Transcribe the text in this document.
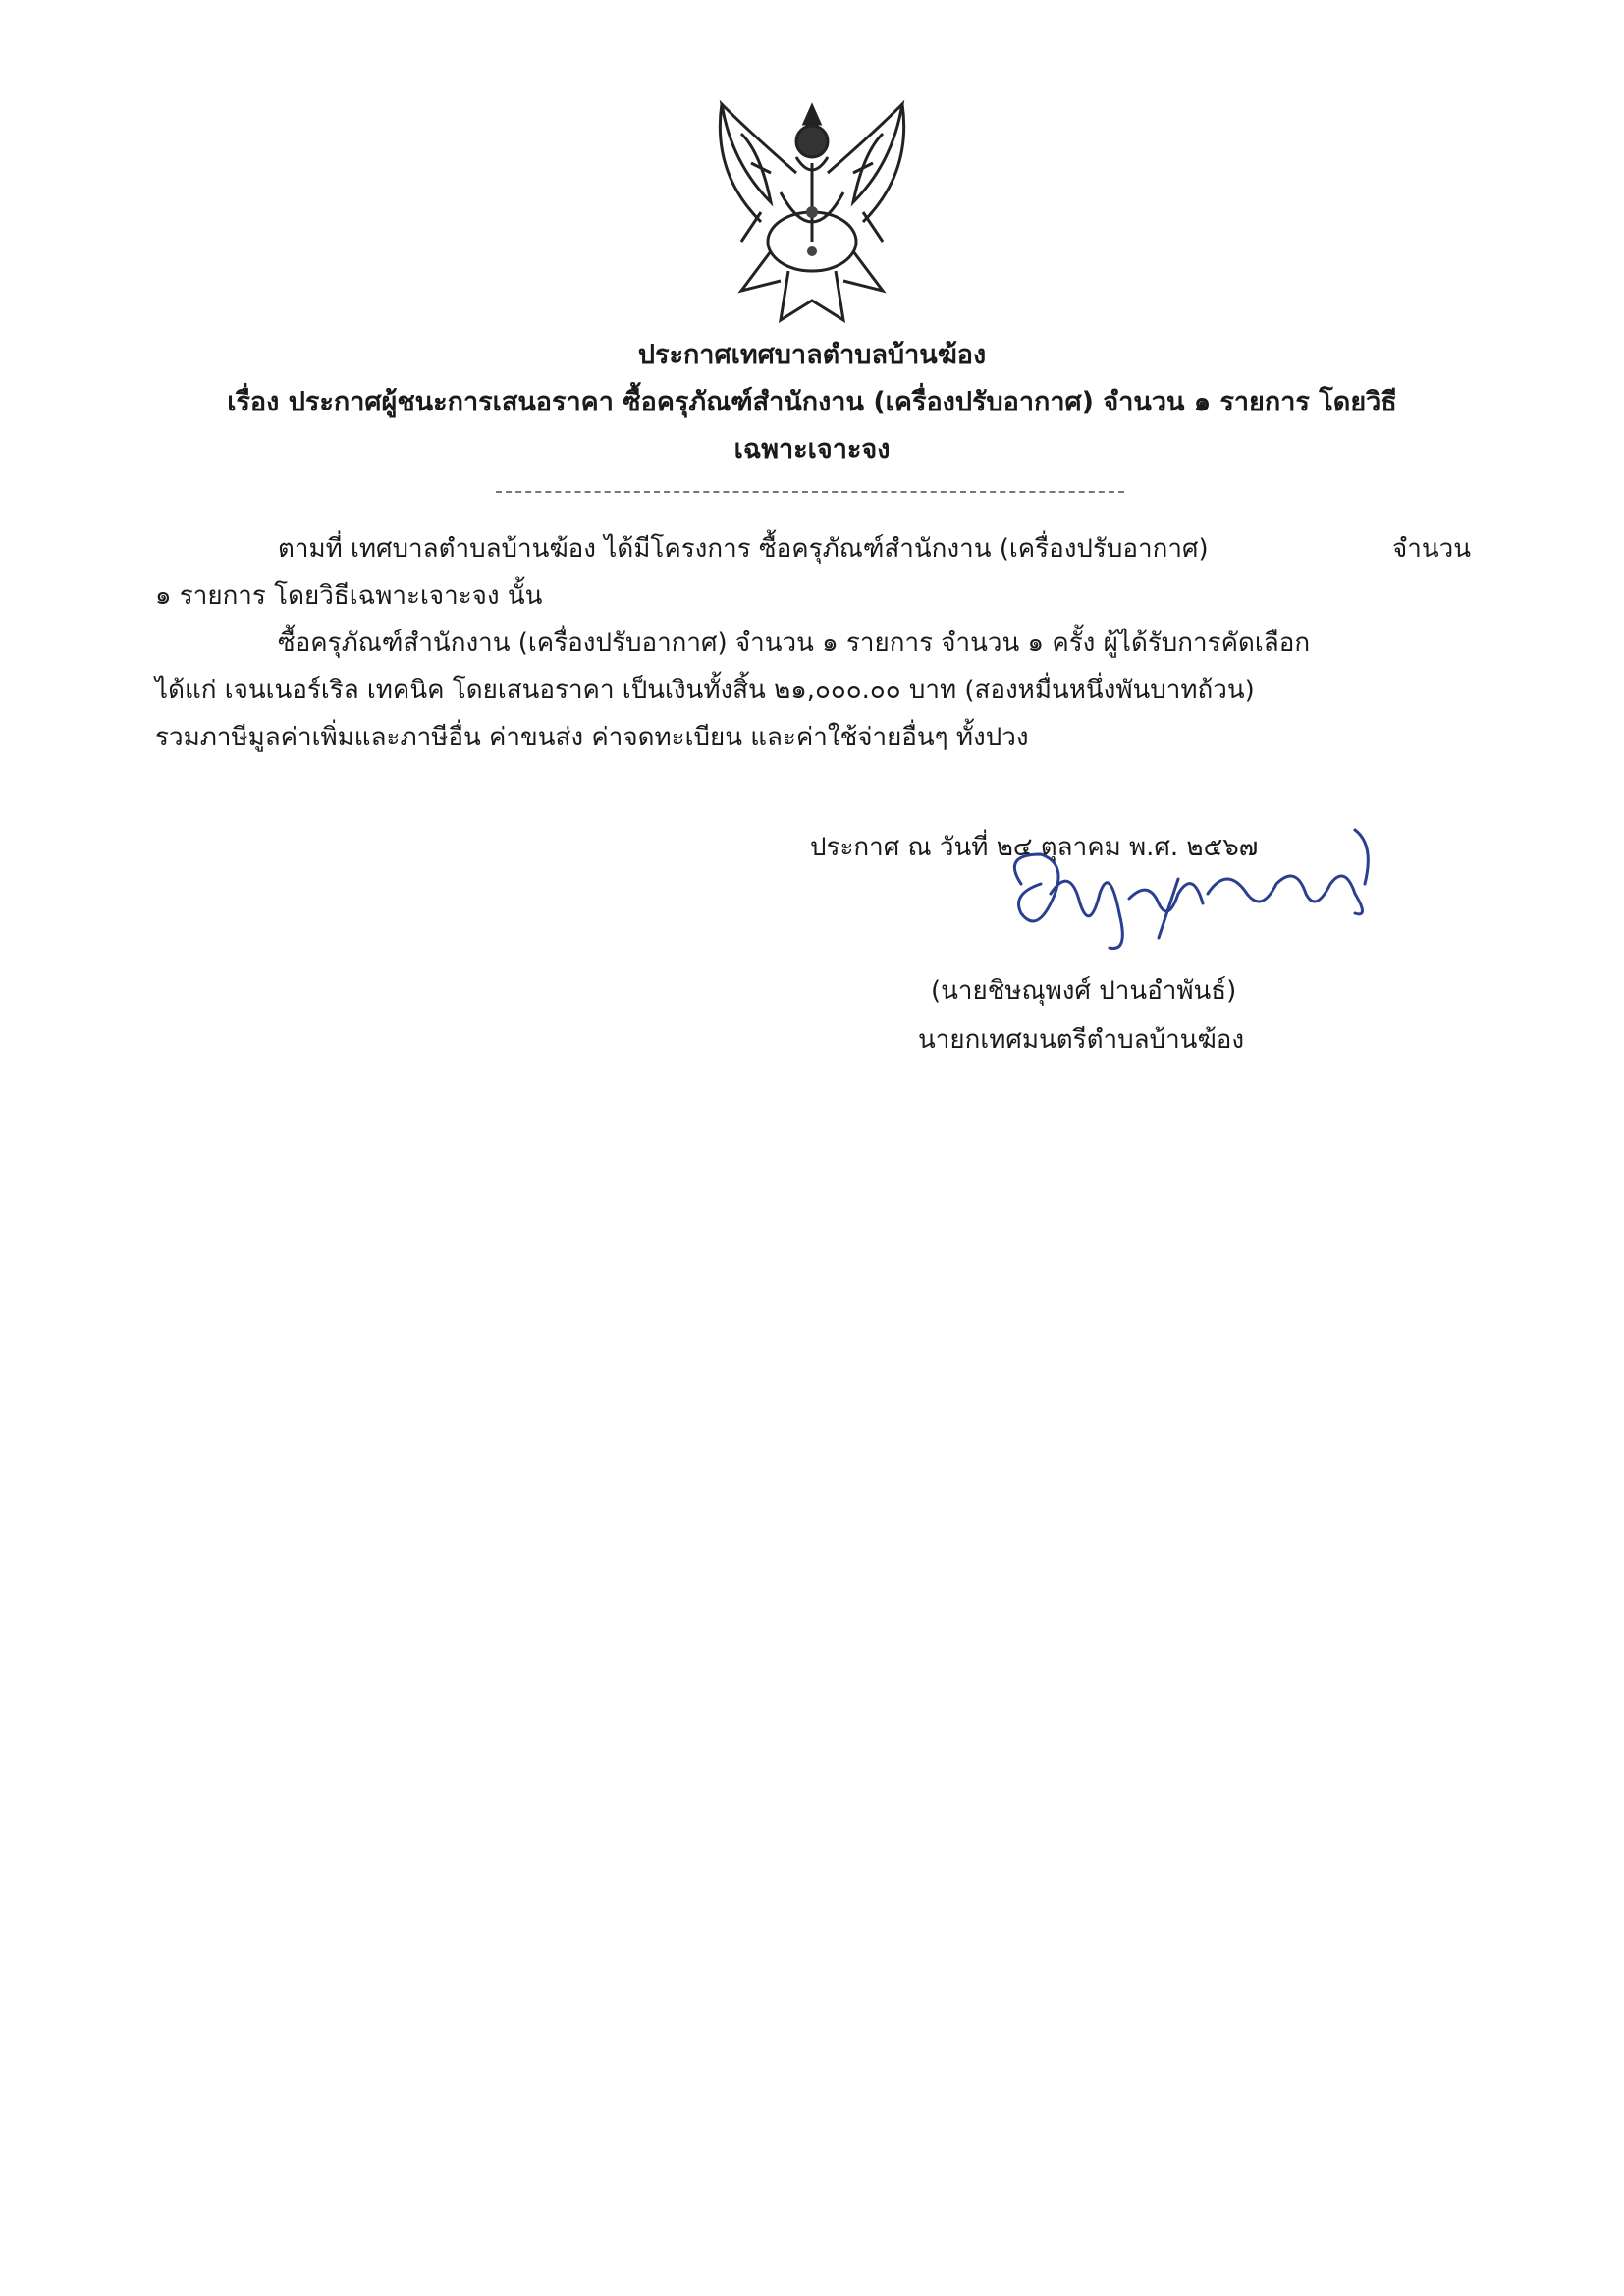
ประกาศเทศบาลตำบลบ้านฆ้อง
เรื่อง ประกาศผู้ชนะการเสนอราคา ซื้อครุภัณฑ์สำนักงาน (เครื่องปรับอากาศ) จำนวน ๑ รายการ โดยวิธี
เฉพาะเจาะจง
ตามที่ เทศบาลตำบลบ้านฆ้อง ได้มีโครงการ ซื้อครุภัณฑ์สำนักงาน (เครื่องปรับอากาศ)	จำนวน
๑ รายการ โดยวิธีเฉพาะเจาะจง นั้น
ซื้อครุภัณฑ์สำนักงาน (เครื่องปรับอากาศ) จำนวน ๑ รายการ จำนวน ๑ ครั้ง ผู้ได้รับการคัดเลือก
ได้แก่ เจนเนอร์เริล เทคนิค โดยเสนอราคา เป็นเงินทั้งสิ้น ๒๑,๐๐๐.๐๐ บาท (สองหมื่นหนึ่งพันบาทถ้วน)
รวมภาษีมูลค่าเพิ่มและภาษีอื่น ค่าขนส่ง ค่าจดทะเบียน และค่าใช้จ่ายอื่นๆ ทั้งปวง
ประกาศ ณ วันที่ ๒๔ ตุลาคม พ.ศ. ๒๕๖๗
(นายชิษณุพงศ์ ปานอำพันธ์)
นายกเทศมนตรีตำบลบ้านฆ้อง
